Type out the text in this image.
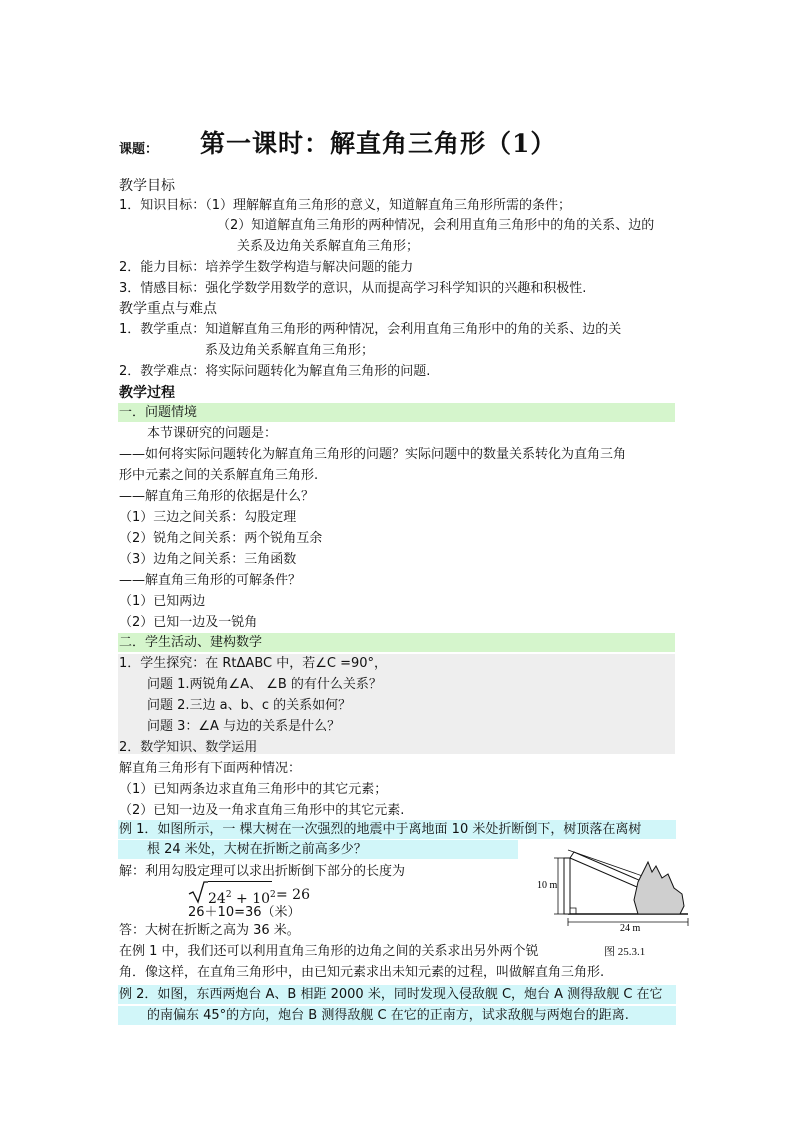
课题： 第一课时：解直角三角形（1）
教学目标
1．知识目标：（1）理解解直角三角形的意义，知道解直角三角形所需的条件；
（2）知道解直角三角形的两种情况，会利用直角三角形中的角的关系、边的
关系及边角关系解直角三角形；
2．能力目标：培养学生数学构造与解决问题的能力
3．情感目标：强化学数学用数学的意识，从而提高学习科学知识的兴趣和积极性.
教学重点与难点
1．教学重点：知道解直角三角形的两种情况，会利用直角三角形中的角的关系、边的关
系及边角关系解直角三角形；
2．教学难点：将实际问题转化为解直角三角形的问题.
教学过程
一．问题情境
本节课研究的问题是：
——如何将实际问题转化为解直角三角形的问题？实际问题中的数量关系转化为直角三角
形中元素之间的关系解直角三角形.
——解直角三角形的依据是什么？
（1）三边之间关系：勾股定理
（2）锐角之间关系：两个锐角互余
（3）边角之间关系：三角函数
——解直角三角形的可解条件？
（1）已知两边
（2）已知一边及一锐角
二．学生活动、建构数学
1．学生探究：在 RtΔABC 中，若∠C =90°，
问题 1.两锐角∠A、 ∠B 的有什么关系？
问题 2.三边 a、b、c 的关系如何？
问题 3：∠A 与边的关系是什么？
2．数学知识、数学运用
解直角三角形有下面两种情况：
（1）已知两条边求直角三角形中的其它元素；
（2）已知一边及一角求直角三角形中的其它元素.
例 1．如图所示，一 棵大树在一次强烈的地震中于离地面 10 米处折断倒下，树顶落在离树
根 24 米处，大树在折断之前高多少？
解：利用勾股定理可以求出折断倒下部分的长度为
$24^2 + 10^2 = 26$
26＋10=36（米）
答：大树在折断之高为 36 米。
在例 1 中，我们还可以利用直角三角形的边角之间的关系求出另外两个锐
角．像这样，在直角三角形中，由已知元素求出未知元素的过程，叫做解直角三角形.
10 m
24 m
图 25.3.1
例 2．如图，东西两炮台 A、B 相距 2000 米，同时发现入侵敌舰 C，炮台 A 测得敌舰 C 在它
的南偏东 45°的方向，炮台 B 测得敌舰 C 在它的正南方，试求敌舰与两炮台的距离.
